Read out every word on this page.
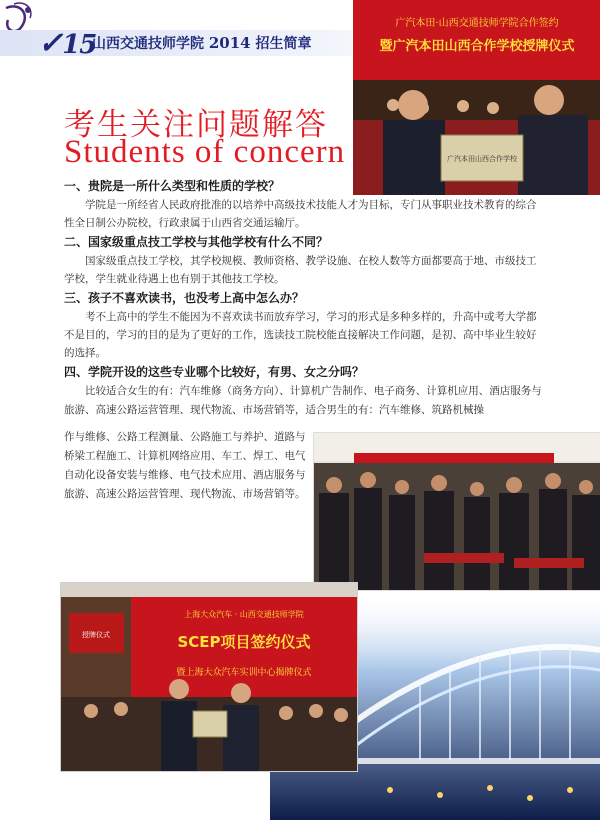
✓15
山西交通技师学院 2014 招生简章
广汽本田·山西交通技师学院合作签约
暨广汽本田山西合作学校授牌仪式
广汽本田山西合作学校
考生关注问题解答
Students of concern

一、贵院是一所什么类型和性质的学校？

学院是一所经省人民政府批准的以培养中高级技术技能人才为目标，专门从事职业技术教育的综合性全日制公办院校，行政隶属于山西省交通运输厅。

二、国家级重点技工学校与其他学校有什么不同？

国家级重点技工学校，其学校规模、教师资格、教学设施、在校人数等方面都要高于地、市级技工学校，学生就业待遇上也有别于其他技工学校。

三、孩子不喜欢读书，也没考上高中怎么办？

考不上高中的学生不能因为不喜欢读书而放弃学习，学习的形式是多种多样的，升高中或考大学都不是目的，学习的目的是为了更好的工作，选读技工院校能直接解决工作问题，是初、高中毕业生较好的选择。

四、学院开设的这些专业哪个比较好，有男、女之分吗？

比较适合女生的有：汽车维修（商务方向）、计算机广告制作、电子商务、计算机应用、酒店服务与旅游、高速公路运营管理、现代物流、市场营销等，适合男生的有：汽车维修、筑路机械操

作与维修、公路工程测量、公路施工与养护、道路与桥梁工程施工、计算机网络应用、车工、焊工、电气自动化设备安装与维修、电气技术应用、酒店服务与旅游、高速公路运营管理、现代物流、市场营销等。
授牌仪式
上海大众汽车 · 山西交通技师学院
SCEP项目签约仪式
暨上海大众汽车实训中心揭牌仪式
